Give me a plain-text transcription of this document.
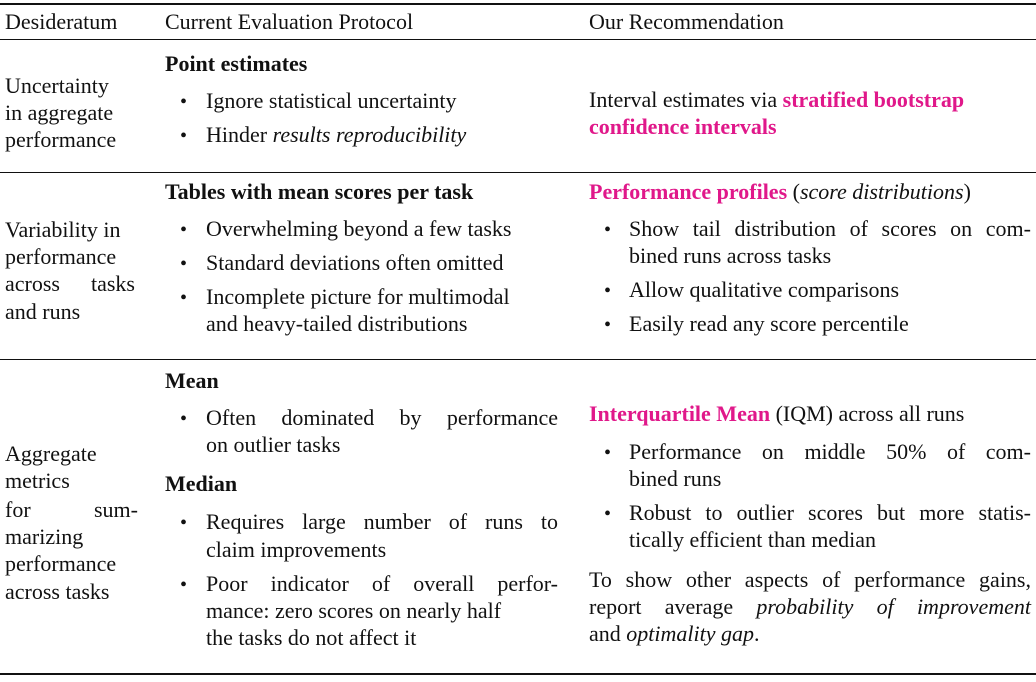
Desideratum Current Evaluation Protocol	Our Recommendation
Uncertainty
in aggregate
performance
Point estimates
• Ignore statistical uncertainty
• Hinder results reproducibility
Interval estimates via stratified bootstrap
confidence intervals
Variability in
performance
across tasks
and runs
Tables with mean scores per task
• Overwhelming beyond a few tasks
• Standard deviations often omitted
• Incomplete picture for multimodal
and heavy-tailed distributions
Performance profiles (score distributions)
• Show tail distribution of scores on com-
bined runs across tasks
• Allow qualitative comparisons
• Easily read any score percentile
Aggregate
metrics
for sum-
marizing
performance
across tasks
Mean
• Often dominated by performance
on outlier tasks
Median
• Requires large number of runs to
claim improvements
• Poor indicator of overall perfor-
mance: zero scores on nearly half
the tasks do not affect it
Interquartile Mean (IQM) across all runs
• Performance on middle 50% of com-
bined runs
• Robust to outlier scores but more statis-
tically efficient than median
To show other aspects of performance gains,
report average probability of improvement
and optimality gap.
